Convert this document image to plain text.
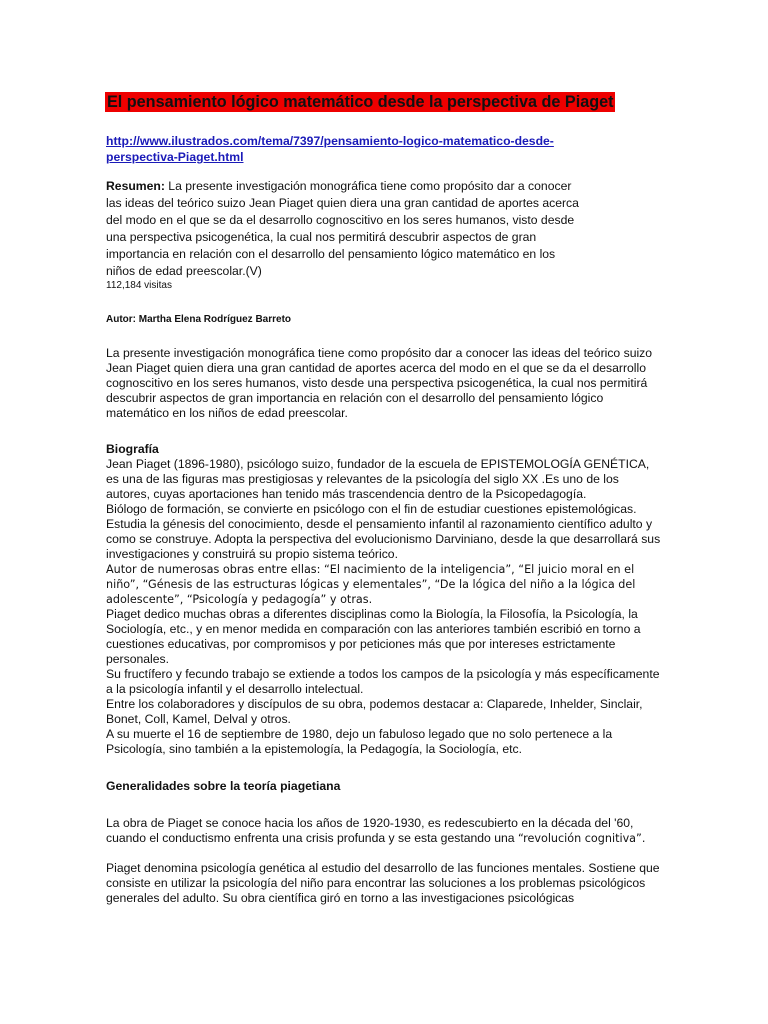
El pensamiento lógico matemático desde la perspectiva de Piaget
http://www.ilustrados.com/tema/7397/pensamiento-logico-matematico-desde-perspectiva-Piaget.html
Resumen: La presente investigación monográfica tiene como propósito dar a conocer las ideas del teórico suizo Jean Piaget quien diera una gran cantidad de aportes acerca del modo en el que se da el desarrollo cognoscitivo en los seres humanos, visto desde una perspectiva psicogenética, la cual nos permitirá descubrir aspectos de gran importancia en relación con el desarrollo del pensamiento lógico matemático en los niños de edad preescolar.(V)
112,184 visitas
Autor: Martha Elena Rodríguez Barreto
La presente investigación monográfica tiene como propósito dar a conocer las ideas del teórico suizo Jean Piaget quien diera una gran cantidad de aportes acerca del modo en el que se da el desarrollo cognoscitivo en los seres humanos, visto desde una perspectiva psicogenética, la cual nos permitirá descubrir aspectos de gran importancia en relación con el desarrollo del pensamiento lógico matemático en los niños de edad preescolar.
Biografía
Jean Piaget (1896-1980), psicólogo suizo, fundador de la escuela de EPISTEMOLOGÍA GENÉTICA, es una de las figuras mas prestigiosas y relevantes de la psicología del siglo XX .Es uno de los autores, cuyas aportaciones han tenido más trascendencia dentro de la Psicopedagogía.
Biólogo de formación, se convierte en psicólogo con el fin de estudiar cuestiones epistemológicas. Estudia la génesis del conocimiento, desde el pensamiento infantil al razonamiento científico adulto y como se construye. Adopta la perspectiva del evolucionismo Darviniano, desde la que desarrollará sus investigaciones y construirá su propio sistema teórico.
Autor de numerosas obras entre ellas: “El nacimiento de la inteligencia”, “El juicio moral en el niño”, “Génesis de las estructuras lógicas y elementales”, “De la lógica del niño a la lógica del adolescente”, “Psicología y pedagogía” y otras.
Piaget dedico muchas obras a diferentes disciplinas como la Biología, la Filosofía, la Psicología, la Sociología, etc., y en menor medida en comparación con las anteriores también escribió en torno a cuestiones educativas, por compromisos y por peticiones más que por intereses estrictamente personales.
Su fructífero y fecundo trabajo se extiende a todos los campos de la psicología y más específicamente a la psicología infantil y el desarrollo intelectual.
Entre los colaboradores y discípulos de su obra, podemos destacar a: Claparede, Inhelder, Sinclair, Bonet, Coll, Kamel, Delval y otros.
A su muerte el 16 de septiembre de 1980, dejo un fabuloso legado que no solo pertenece a la Psicología, sino también a la epistemología, la Pedagogía, la Sociología, etc.
Generalidades sobre la teoría piagetiana
La obra de Piaget se conoce hacia los años de 1920-1930, es redescubierto en la década del '60, cuando el conductismo enfrenta una crisis profunda y se esta gestando una “revolución cognitiva”.
Piaget denomina psicología genética al estudio del desarrollo de las funciones mentales. Sostiene que consiste en utilizar la psicología del niño para encontrar las soluciones a los problemas psicológicos generales del adulto. Su obra científica giró en torno a las investigaciones psicológicas
